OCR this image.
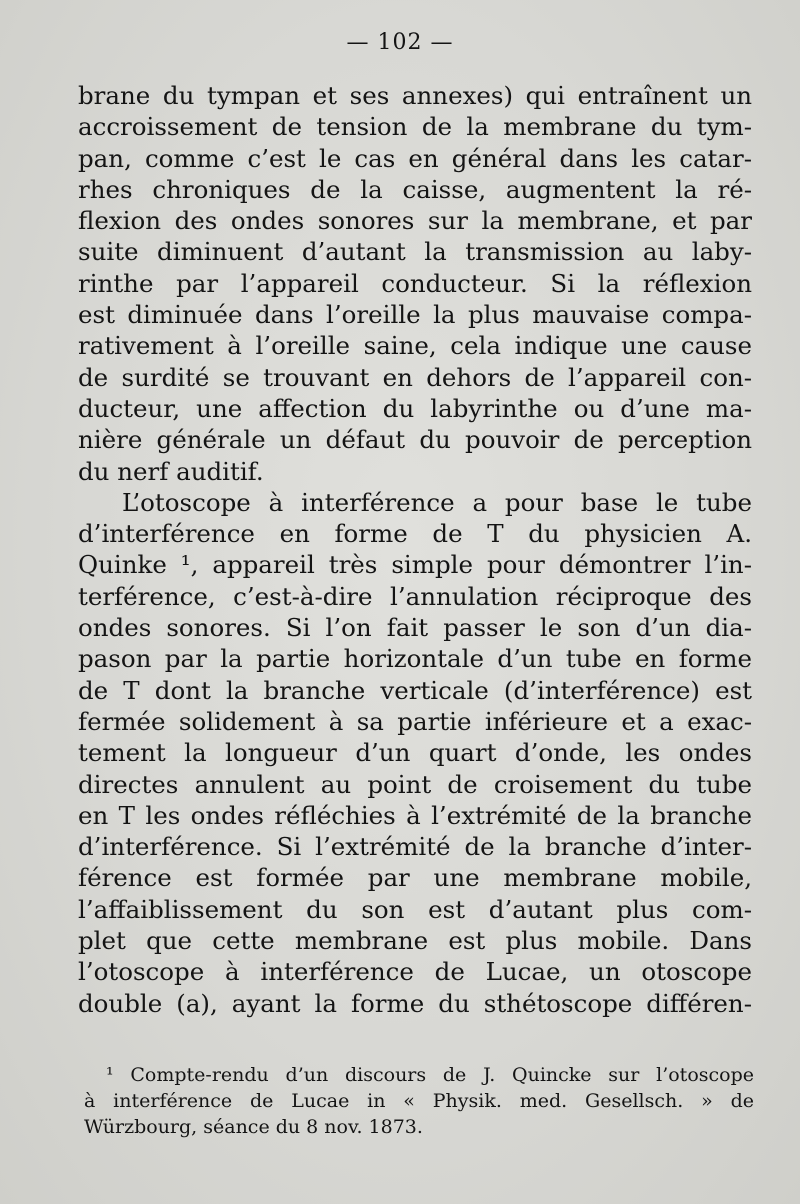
— 102 —
brane du tympan et ses annexes) qui entraînent un
accroissement de tension de la membrane du tym-
pan, comme c’est le cas en général dans les catar-
rhes chroniques de la caisse, augmentent la ré-
flexion des ondes sonores sur la membrane, et par
suite diminuent d’autant la transmission au laby-
rinthe par l’appareil conducteur. Si la réflexion
est diminuée dans l’oreille la plus mauvaise compa-
rativement à l’oreille saine, cela indique une cause
de surdité se trouvant en dehors de l’appareil con-
ducteur, une affection du labyrinthe ou d’une ma-
nière générale un défaut du pouvoir de perception
du nerf auditif.
L’otoscope à interférence a pour base le tube
d’interférence en forme de T du physicien A.
Quinke ¹, appareil très simple pour démontrer l’in-
terférence, c’est-à-dire l’annulation réciproque des
ondes sonores. Si l’on fait passer le son d’un dia-
pason par la partie horizontale d’un tube en forme
de T dont la branche verticale (d’interférence) est
fermée solidement à sa partie inférieure et a exac-
tement la longueur d’un quart d’onde, les ondes
directes annulent au point de croisement du tube
en T les ondes réfléchies à l’extrémité de la branche
d’interférence. Si l’extrémité de la branche d’inter-
férence est formée par une membrane mobile,
l’affaiblissement du son est d’autant plus com-
plet que cette membrane est plus mobile. Dans
l’otoscope à interférence de Lucae, un otoscope
double (a), ayant la forme du sthétoscope différen-
¹ Compte-rendu d’un discours de J. Quincke sur l’otoscope
à interférence de Lucae in « Physik. med. Gesellsch. » de
Würzbourg, séance du 8 nov. 1873.
